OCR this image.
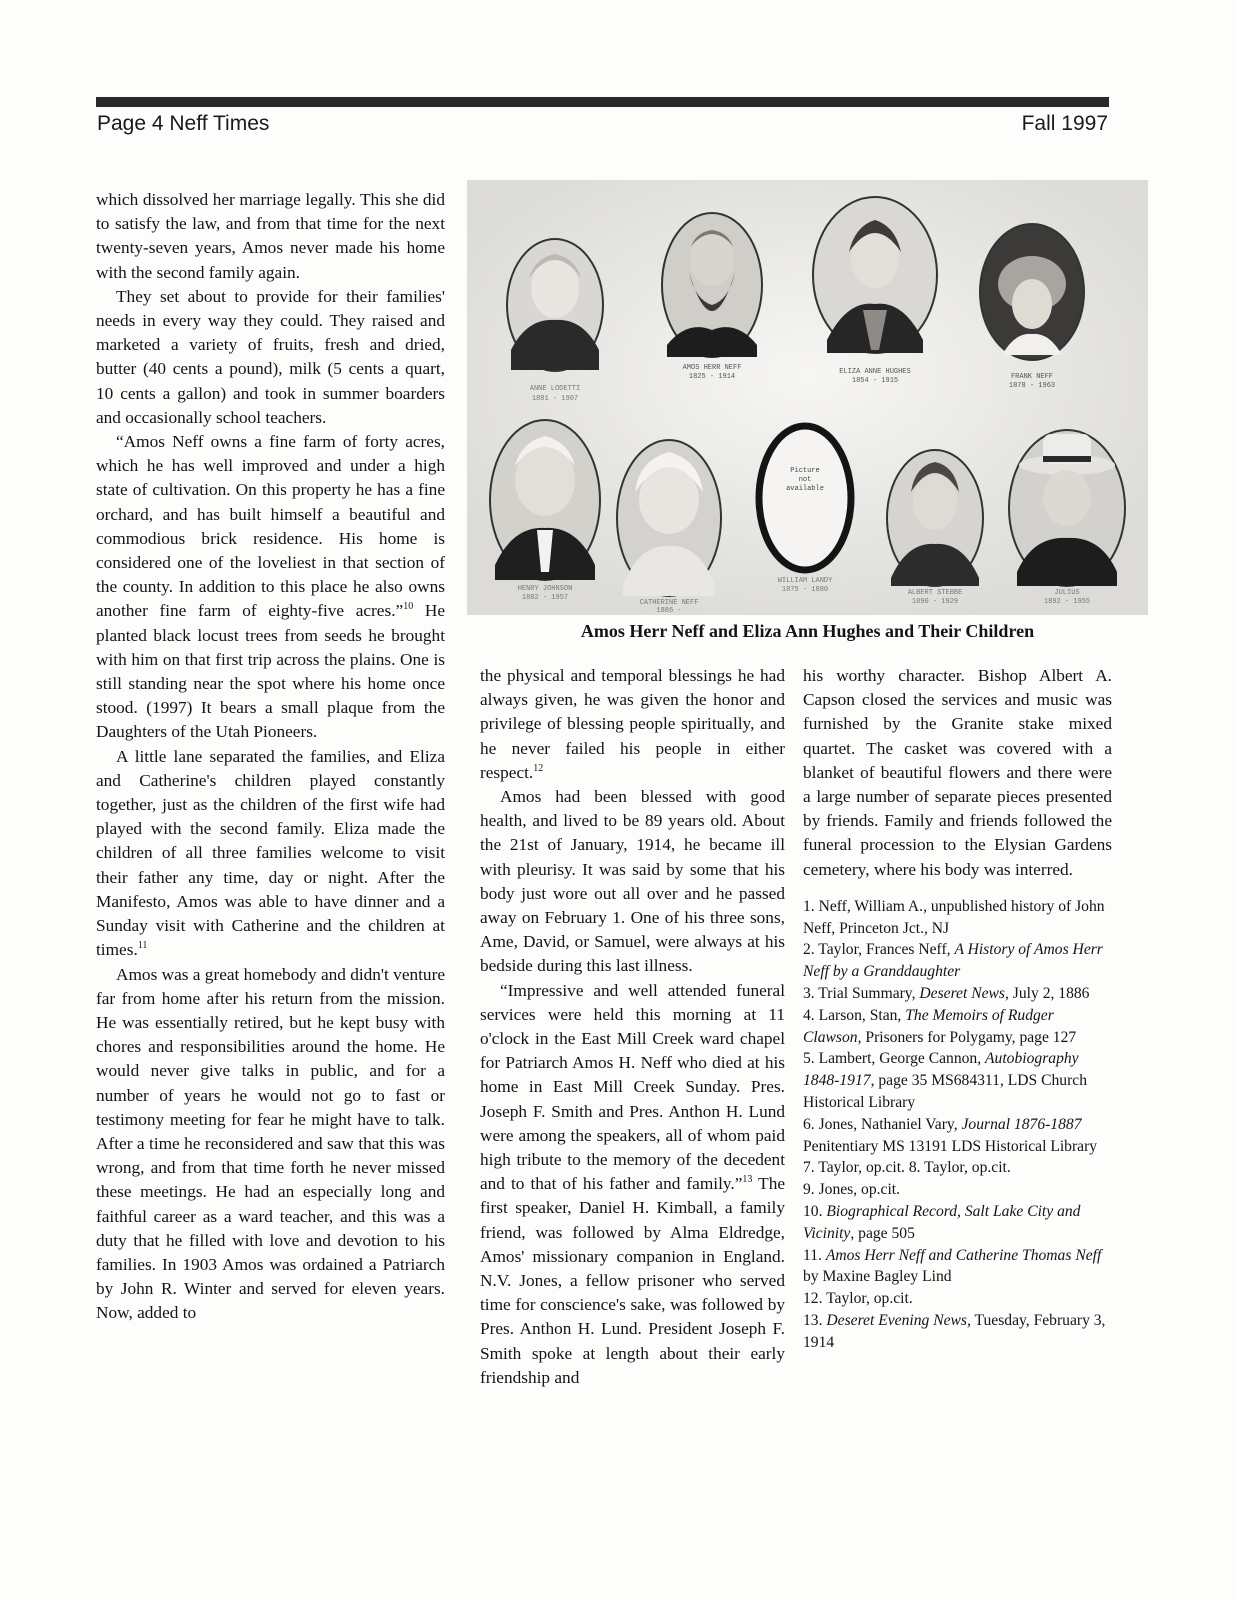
Page 4 Neff Times	Fall 1997

which dissolved her marriage legally. This she did to satisfy the law, and from that time for the next twenty-seven years, Amos never made his home with the second family again.

They set about to provide for their families' needs in every way they could. They raised and marketed a variety of fruits, fresh and dried, butter (40 cents a pound), milk (5 cents a quart, 10 cents a gallon) and took in summer boarders and occasionally school teachers.

“Amos Neff owns a fine farm of forty acres, which he has well improved and under a high state of cultivation. On this property he has a fine orchard, and has built himself a beautiful and commodious brick residence. His home is considered one of the loveliest in that section of the county. In addition to this place he also owns another fine farm of eighty-five acres.”$^{10}$ He planted black locust trees from seeds he brought with him on that first trip across the plains. One is still standing near the spot where his home once stood. (1997) It bears a small plaque from the Daughters of the Utah Pioneers.

A little lane separated the families, and Eliza and Catherine's children played constantly together, just as the children of the first wife had played with the second family. Eliza made the children of all three families welcome to visit their father any time, day or night. After the Manifesto, Amos was able to have dinner and a Sunday visit with Catherine and the children at times.$^{11}$

Amos was a great homebody and didn't venture far from home after his return from the mission. He was essentially retired, but he kept busy with chores and responsibilities around the home. He would never give talks in public, and for a number of years he would not go to fast or testimony meeting for fear he might have to talk. After a time he reconsidered and saw that this was wrong, and from that time forth he never missed these meetings. He had an especially long and faithful career as a ward teacher, and this was a duty that he filled with love and devotion to his families. In 1903 Amos was ordained a Patriarch by John R. Winter and served for eleven years. Now, added to

ANNE LODETTI
1881 - 1907
AMOS HERR NEFF
1825 - 1914
ELIZA ANNE HUGHES
1854 - 1915	FRANK NEFF
1878 - 1963
Picture
not
available
HENRY JOHNSON
1882 - 1957
CATHERINE NEFF
1886 -
WILLIAM LANDY
1875 - 1880	ALBERT STEBBE
1890 - 1929
JULIUS
1892 - 1955
Amos Herr Neff and Eliza Ann Hughes and Their Children

the physical and temporal blessings he had always given, he was given the honor and privilege of blessing people spiritually, and he never failed his people in either respect.$^{12}$

Amos had been blessed with good health, and lived to be 89 years old. About the 21st of January, 1914, he became ill with pleurisy. It was said by some that his body just wore out all over and he passed away on February 1. One of his three sons, Ame, David, or Samuel, were always at his bedside during this last illness.

“Impressive and well attended funeral services were held this morning at 11 o'clock in the East Mill Creek ward chapel for Patriarch Amos H. Neff who died at his home in East Mill Creek Sunday. Pres. Joseph F. Smith and Pres. Anthon H. Lund were among the speakers, all of whom paid high tribute to the memory of the decedent and to that of his father and family.”$^{13}$ The first speaker, Daniel H. Kimball, a family friend, was followed by Alma Eldredge, Amos' missionary companion in England. N.V. Jones, a fellow prisoner who served time for conscience's sake, was followed by Pres. Anthon H. Lund. President Joseph F. Smith spoke at length about their early friendship and

his worthy character. Bishop Albert A. Capson closed the services and music was furnished by the Granite stake mixed quartet. The casket was covered with a blanket of beautiful flowers and there were a large number of separate pieces presented by friends. Family and friends followed the funeral procession to the Elysian Gardens cemetery, where his body was interred.

1. Neff, William A., unpublished history of John Neff, Princeton Jct., NJ
2. Taylor, Frances Neff, A History of Amos Herr Neff by a Granddaughter
3. Trial Summary, Deseret News, July 2, 1886
4. Larson, Stan, The Memoirs of Rudger Clawson, Prisoners for Polygamy, page 127
5. Lambert, George Cannon, Autobiography 1848-1917, page 35 MS684311, LDS Church Historical Library
6. Jones, Nathaniel Vary, Journal 1876-1887 Penitentiary MS 13191 LDS Historical Library
7. Taylor, op.cit. 8. Taylor, op.cit.
9. Jones, op.cit.
10. Biographical Record, Salt Lake City and Vicinity, page 505
11. Amos Herr Neff and Catherine Thomas Neff by Maxine Bagley Lind
12. Taylor, op.cit.
13. Deseret Evening News, Tuesday, February 3, 1914
